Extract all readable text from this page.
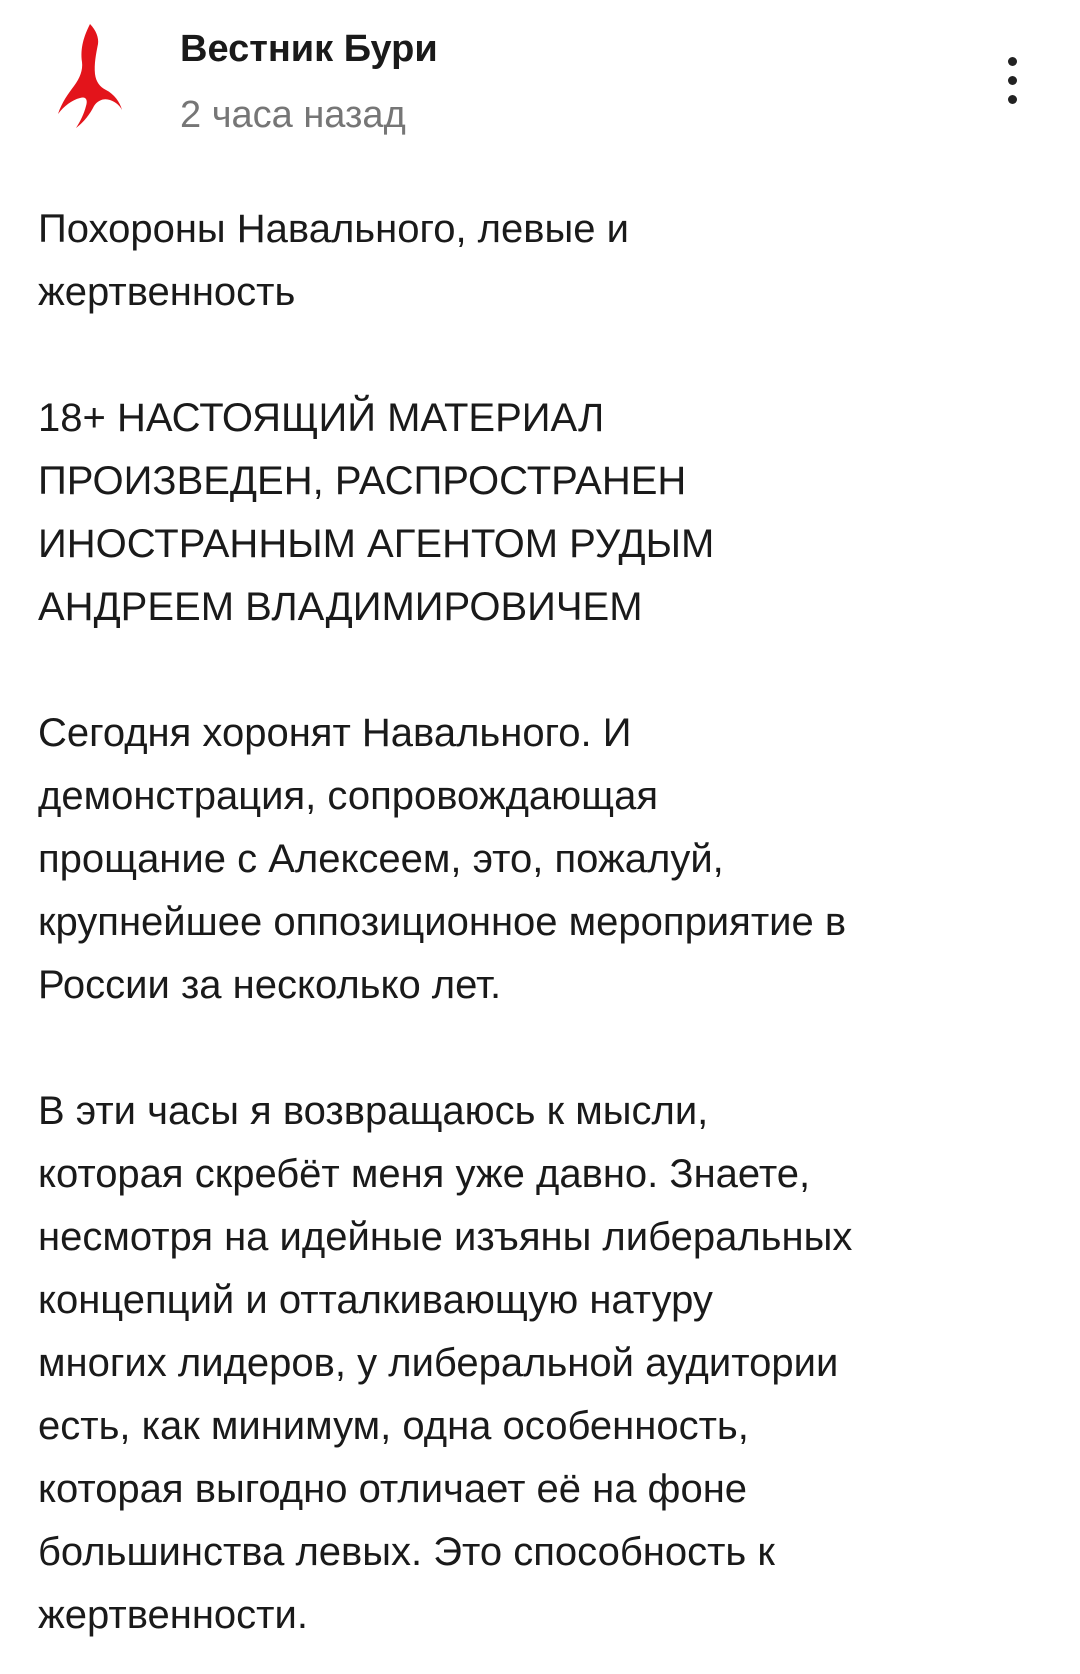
Вестник Бури
2 часа назад

Похороны Навального, левые и
жертвенность

18+ НАСТОЯЩИЙ МАТЕРИАЛ
ПРОИЗВЕДЕН, РАСПРОСТРАНЕН
ИНОСТРАННЫМ АГЕНТОМ РУДЫМ
АНДРЕЕМ ВЛАДИМИРОВИЧЕМ

Сегодня хоронят Навального. И
демонстрация, сопровождающая
прощание с Алексеем, это, пожалуй,
крупнейшее оппозиционное мероприятие в
России за несколько лет.

В эти часы я возвращаюсь к мысли,
которая скребёт меня уже давно. Знаете,
несмотря на идейные изъяны либеральных
концепций и отталкивающую натуру
многих лидеров, у либеральной аудитории
есть, как минимум, одна особенность,
которая выгодно отличает её на фоне
большинства левых. Это способность к
жертвенности.
